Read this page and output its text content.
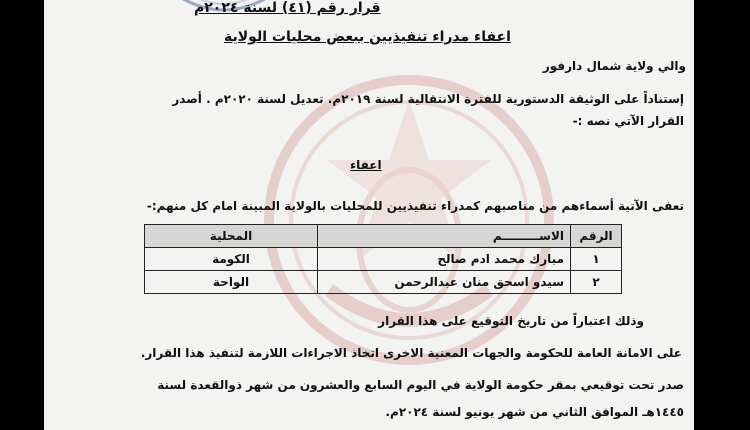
قرار رقم (٤١) لسنة ٢٠٢٤م
اعفاء مدراء تنفيذيين ببعض محليات الولاية
والي ولاية شمال دارفور
إستناداً على الوثيقة الدستورية للفترة الانتقالية لسنة ٢٠١٩م. تعديل لسنة ٢٠٢٠م . أصدر
القرار الآتي نصه :-
اعفاء
تعفى الآتية أسماءهم من مناصبهم كمدراء تنفيذيين للمحليات بالولاية المبينة امام كل منهم:-
الرقم	الاســـــــــم	المحلية
١	مبارك محمد ادم صالح	الكومة
٢	سيدو اسحق منان عبدالرحمن	الواحة
وذلك اعتباراً من تاريخ التوقيع على هذا القرار
على الامانة العامة للحكومة والجهات المعنية الاخرى اتخاذ الاجراءات اللازمة لتنفيذ هذا القرار.
صدر تحت توقيعي بمقر حكومة الولاية في اليوم السابع والعشرون من شهر ذوالقعدة لسنة
١٤٤٥هـ الموافق الثاني من شهر يونيو لسنة ٢٠٢٤م.
